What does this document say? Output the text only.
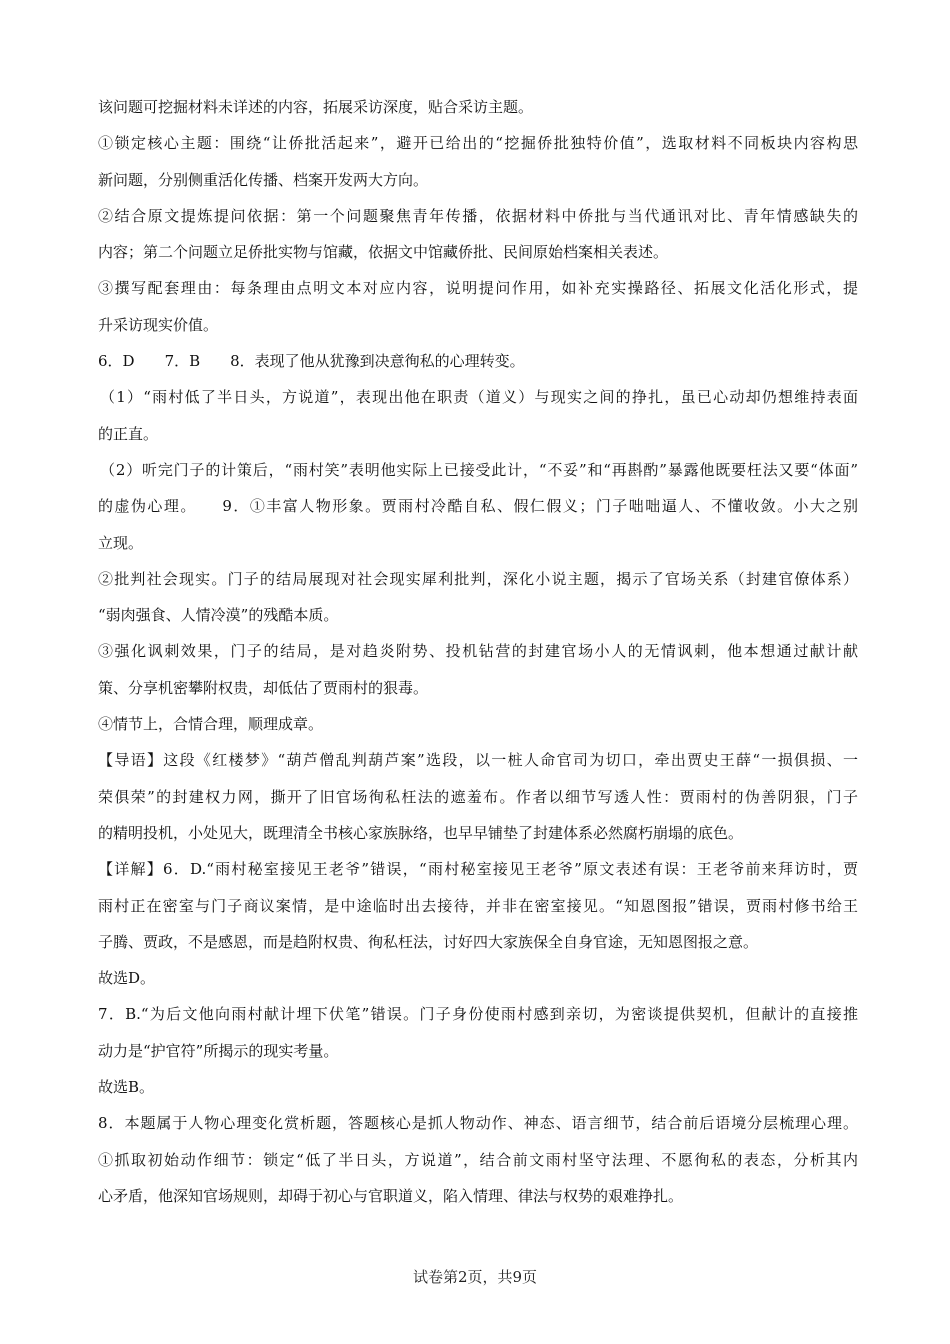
该问题可挖掘材料未详述的内容，拓展采访深度，贴合采访主题。
①锁定核心主题：围绕“让侨批活起来”，避开已给出的“挖掘侨批独特价值”，选取材料不同板块内容构思
新问题，分别侧重活化传播、档案开发两大方向。
②结合原文提炼提问依据：第一个问题聚焦青年传播，依据材料中侨批与当代通讯对比、青年情感缺失的
内容；第二个问题立足侨批实物与馆藏，依据文中馆藏侨批、民间原始档案相关表述。
③撰写配套理由：每条理由点明文本对应内容，说明提问作用，如补充实操路径、拓展文化活化形式，提
升采访现实价值。
6．D　　7．B　　8．表现了他从犹豫到决意徇私的心理转变。
（1）“雨村低了半日头，方说道”，表现出他在职责（道义）与现实之间的挣扎，虽已心动却仍想维持表面
的正直。
（2）听完门子的计策后，“雨村笑”表明他实际上已接受此计，“不妥”和“再斟酌”暴露他既要枉法又要“体面”
的虚伪心理。　　9．①丰富人物形象。贾雨村冷酷自私、假仁假义；门子咄咄逼人、不懂收敛。小大之别
立现。
②批判社会现实。门子的结局展现对社会现实犀利批判，深化小说主题，揭示了官场关系（封建官僚体系）
“弱肉强食、人情冷漠”的残酷本质。
③强化讽刺效果，门子的结局，是对趋炎附势、投机钻营的封建官场小人的无情讽刺，他本想通过献计献
策、分享机密攀附权贵，却低估了贾雨村的狠毒。
④情节上，合情合理，顺理成章。
【导语】这段《红楼梦》“葫芦僧乱判葫芦案”选段，以一桩人命官司为切口，牵出贾史王薛“一损俱损、一
荣俱荣”的封建权力网，撕开了旧官场徇私枉法的遮羞布。作者以细节写透人性：贾雨村的伪善阴狠，门子
的精明投机，小处见大，既理清全书核心家族脉络，也早早铺垫了封建体系必然腐朽崩塌的底色。
【详解】6．D.“雨村秘室接见王老爷”错误，“雨村秘室接见王老爷”原文表述有误：王老爷前来拜访时，贾
雨村正在密室与门子商议案情，是中途临时出去接待，并非在密室接见。“知恩图报”错误，贾雨村修书给王
子腾、贾政，不是感恩，而是趋附权贵、徇私枉法，讨好四大家族保全自身官途，无知恩图报之意。
故选D。
7．B.“为后文他向雨村献计埋下伏笔”错误。门子身份使雨村感到亲切，为密谈提供契机，但献计的直接推
动力是“护官符”所揭示的现实考量。
故选B。
8．本题属于人物心理变化赏析题，答题核心是抓人物动作、神态、语言细节，结合前后语境分层梳理心理。
①抓取初始动作细节：锁定“低了半日头，方说道”，结合前文雨村坚守法理、不愿徇私的表态，分析其内
心矛盾，他深知官场规则，却碍于初心与官职道义，陷入情理、律法与权势的艰难挣扎。
试卷第2页，共9页
